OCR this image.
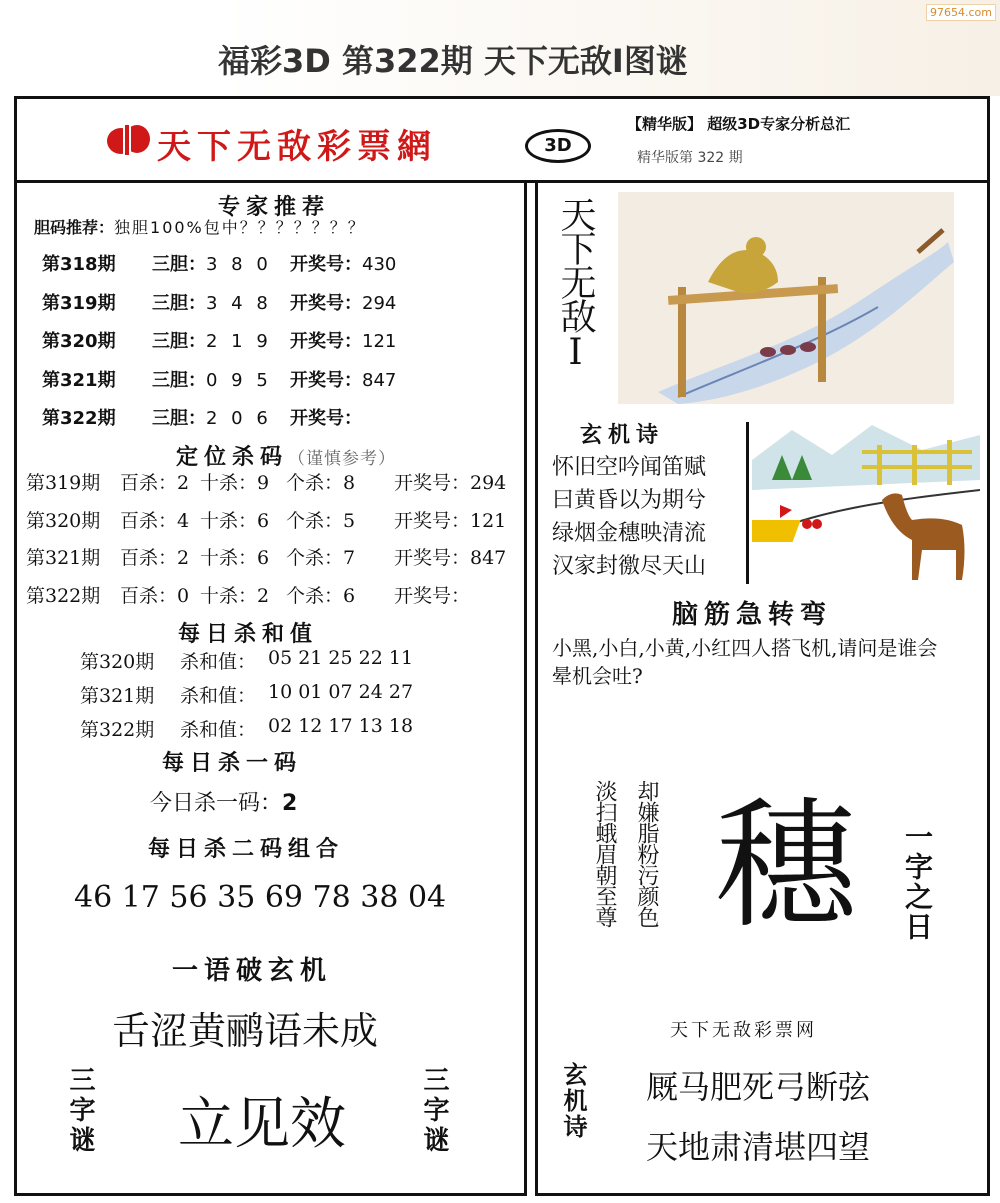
福彩3D 第322期 天下无敌Ⅰ图谜
97654.com
天下无敌彩票網	3D
【精华版】 超级3D专家分析总汇
精华版第 322 期
专家推荐
胆码推荐：独胆100%包中？？？？？？？
第318期 三胆：3 8 0 开奖号：430
第319期 三胆：3 4 8 开奖号：294
第320期 三胆：2 1 9 开奖号：121
第321期 三胆：0 9 5 开奖号：847
第322期 三胆：2 0 6 开奖号：
定位杀码（谨慎参考）
第319期 百杀：2 十杀：9 个杀：8 开奖号：294
第320期 百杀：4 十杀：6 个杀：5 开奖号：121
第321期 百杀：2 十杀：6 个杀：7 开奖号：847
第322期 百杀：0 十杀：2 个杀：6 开奖号：
每日杀和值
第320期 杀和值： 05 21 25 22 11
第321期 杀和值： 10 01 07 24 27
第322期 杀和值： 02 12 17 13 18
每日杀一码
今日杀一码：2
每日杀二码组合
46 17 56 35 69 78 38 04
一语破玄机
舌涩黄鹂语未成
三字谜 立见效	三字谜
天下无敌Ⅰ
玄机诗
怀旧空吟闻笛赋
曰黄昏以为期兮
绿烟金穗映清流
汉家封徼尽天山
脑筋急转弯
小黑,小白,小黄,小红四人搭飞机,请问是谁会晕机会吐?
却嫌脂粉污颜色
淡扫蛾眉朝至尊 穗 一字之日
天下无敌彩票网
玄机诗 厩马肥死弓断弦
天地肃清堪四望
